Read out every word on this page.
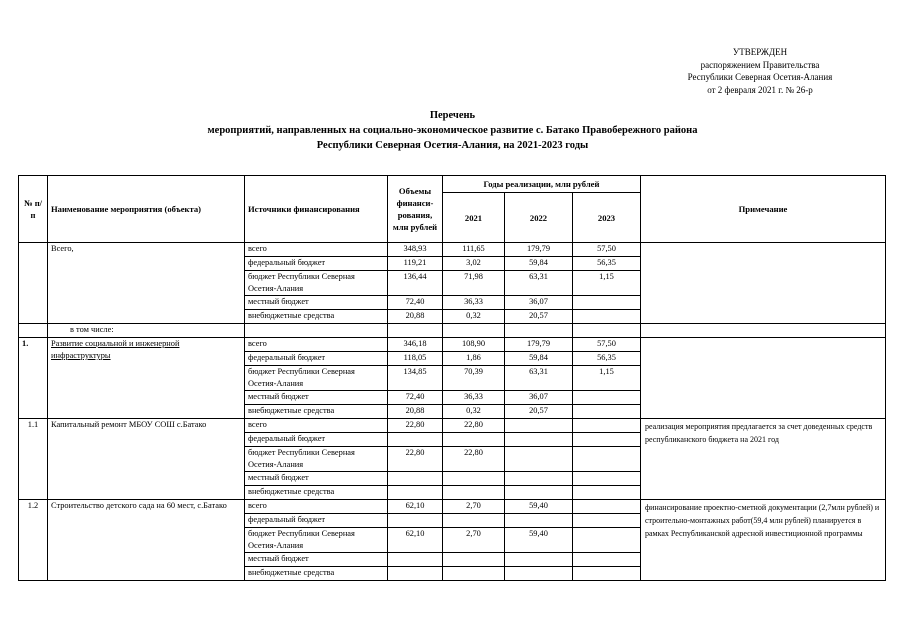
УТВЕРЖДЕН
распоряжением Правительства
Республики Северная Осетия-Алания
от 2 февраля 2021 г. № 26-р
Перечень
мероприятий, направленных на социально-экономическое развитие с. Батако Правобережного района
Республики Северная Осетия-Алания, на 2021-2023 годы
№ п/п	Наименование мероприятия (объекта)	Источники финансирования	Объемы финанси-рования, млн рублей	Годы реализации, млн рублей			Примечание
				2021	2022	2023	
	Всего,	всего	348,93	111,65	179,79	57,50	
		федеральный бюджет	119,21	3,02	59,84	56,35	
		бюджет Республики Северная Осетия-Алания	136,44	71,98	63,31	1,15	
		местный бюджет	72,40	36,33	36,07		
		внебюджетные средства	20,88	0,32	20,57		
	в том числе:						
1.	Развитие социальной и инженерной инфраструктуры	всего	346,18	108,90	179,79	57,50	
		федеральный бюджет	118,05	1,86	59,84	56,35	
		бюджет Республики Северная Осетия-Алания	134,85	70,39	63,31	1,15	
		местный бюджет	72,40	36,33	36,07		
		внебюджетные средства	20,88	0,32	20,57		
1.1	Капитальный ремонт МБОУ СОШ с.Батако	всего	22,80	22,80			реализация мероприятия предлагается за счет доведенных средств республиканского бюджета на 2021 год
		федеральный бюджет					
		бюджет Республики Северная Осетия-Алания	22,80	22,80			
		местный бюджет					
		внебюджетные средства					
1.2	Строительство детского сада на 60 мест, с.Батако	всего	62,10	2,70	59,40		финансирование проектно-сметной документации (2,7млн рублей) и строительно-монтажных работ(59,4 млн рублей) планируется в рамках Республиканской адресной инвестиционной программы
		федеральный бюджет					
		бюджет Республики Северная Осетия-Алания	62,10	2,70	59,40		
		местный бюджет					
		внебюджетные средства					
